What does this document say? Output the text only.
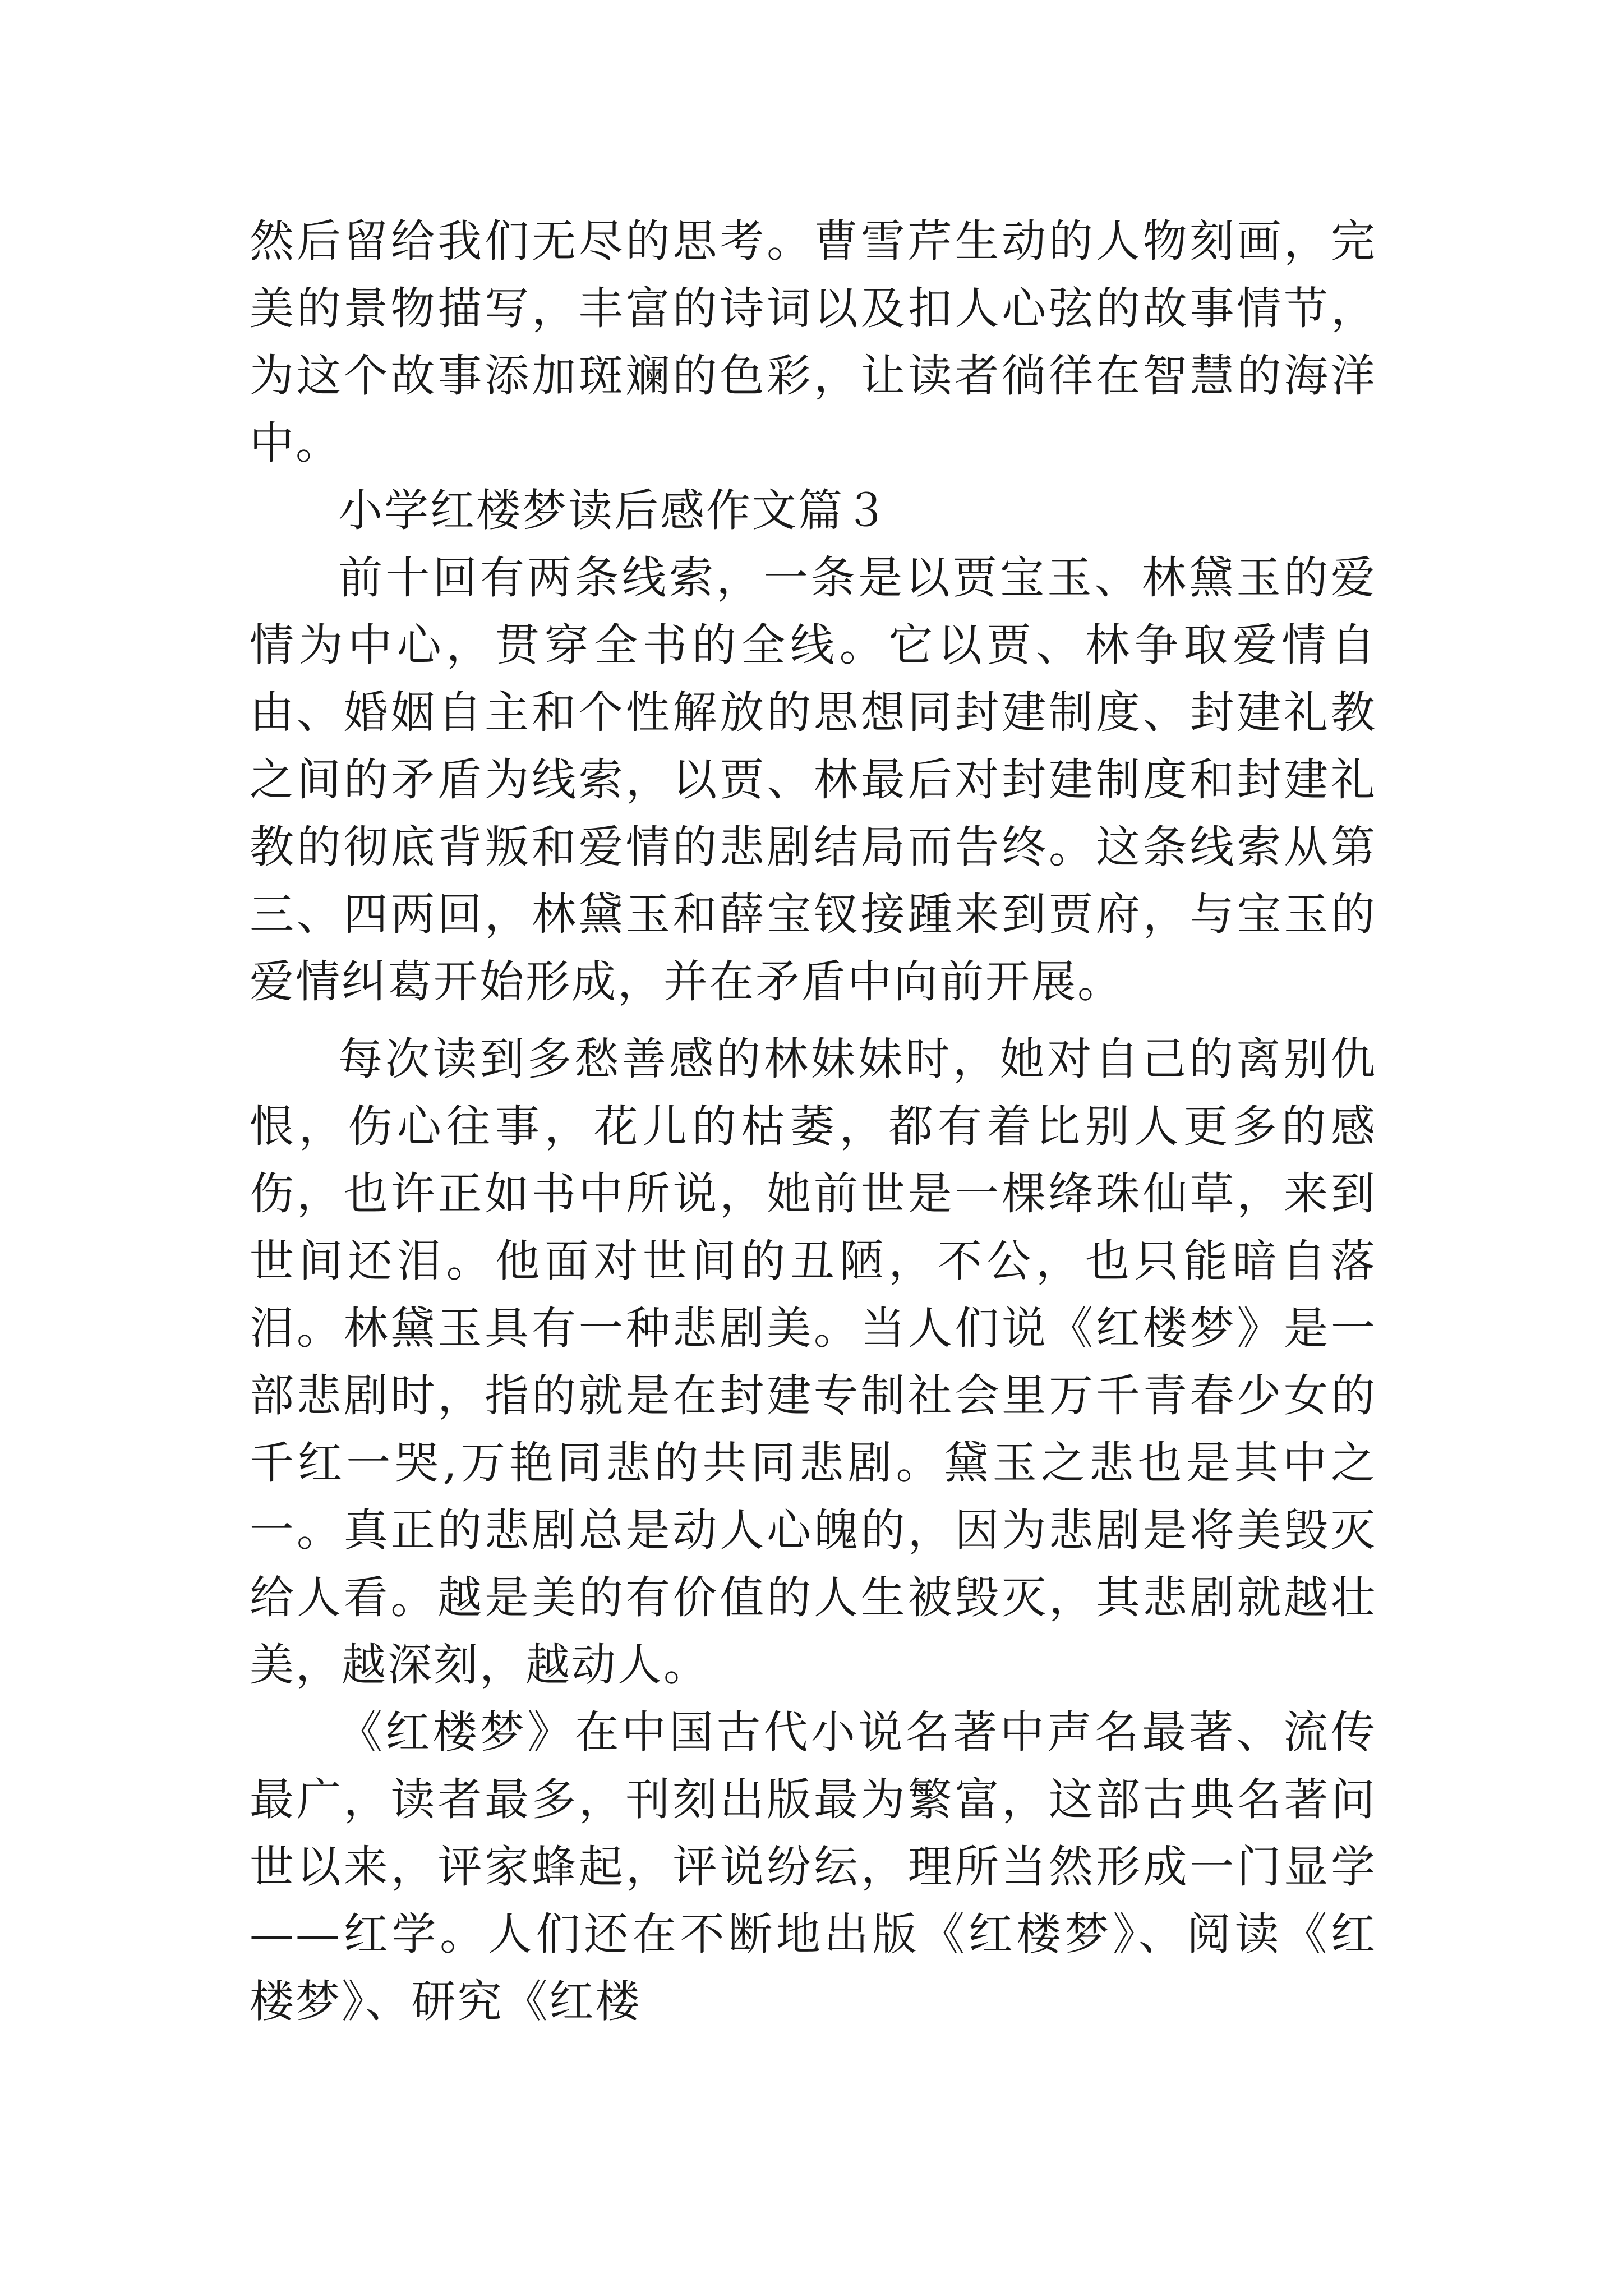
然后留给我们无尽的思考。曹雪芹生动的人物刻画，完美的景物描写，丰富的诗词以及扣人心弦的故事情节，为这个故事添加斑斓的色彩，让读者徜徉在智慧的海洋中。

小学红楼梦读后感作文篇３

前十回有两条线索，一条是以贾宝玉、林黛玉的爱情为中心，贯穿全书的全线。它以贾、林争取爱情自由、婚姻自主和个性解放的思想同封建制度、封建礼教之间的矛盾为线索，以贾、林最后对封建制度和封建礼教的彻底背叛和爱情的悲剧结局而告终。这条线索从第三、四两回，林黛玉和薛宝钗接踵来到贾府，与宝玉的爱情纠葛开始形成，并在矛盾中向前开展。

每次读到多愁善感的林妹妹时，她对自己的离别仇恨，伤心往事，花儿的枯萎，都有着比别人更多的感伤，也许正如书中所说，她前世是一棵绛珠仙草，来到世间还泪。他面对世间的丑陋，不公，也只能暗自落泪。林黛玉具有一种悲剧美。当人们说《红楼梦》是一部悲剧时，指的就是在封建专制社会里万千青春少女的千红一哭,万艳同悲的共同悲剧。黛玉之悲也是其中之一。真正的悲剧总是动人心魄的，因为悲剧是将美毁灭给人看。越是美的有价值的人生被毁灭，其悲剧就越壮美，越深刻，越动人。

《红楼梦》在中国古代小说名著中声名最著、流传最广，读者最多，刊刻出版最为繁富，这部古典名著问世以来，评家蜂起，评说纷纭，理所当然形成一门显学——红学。人们还在不断地出版《红楼梦》、阅读《红楼梦》、研究《红楼
